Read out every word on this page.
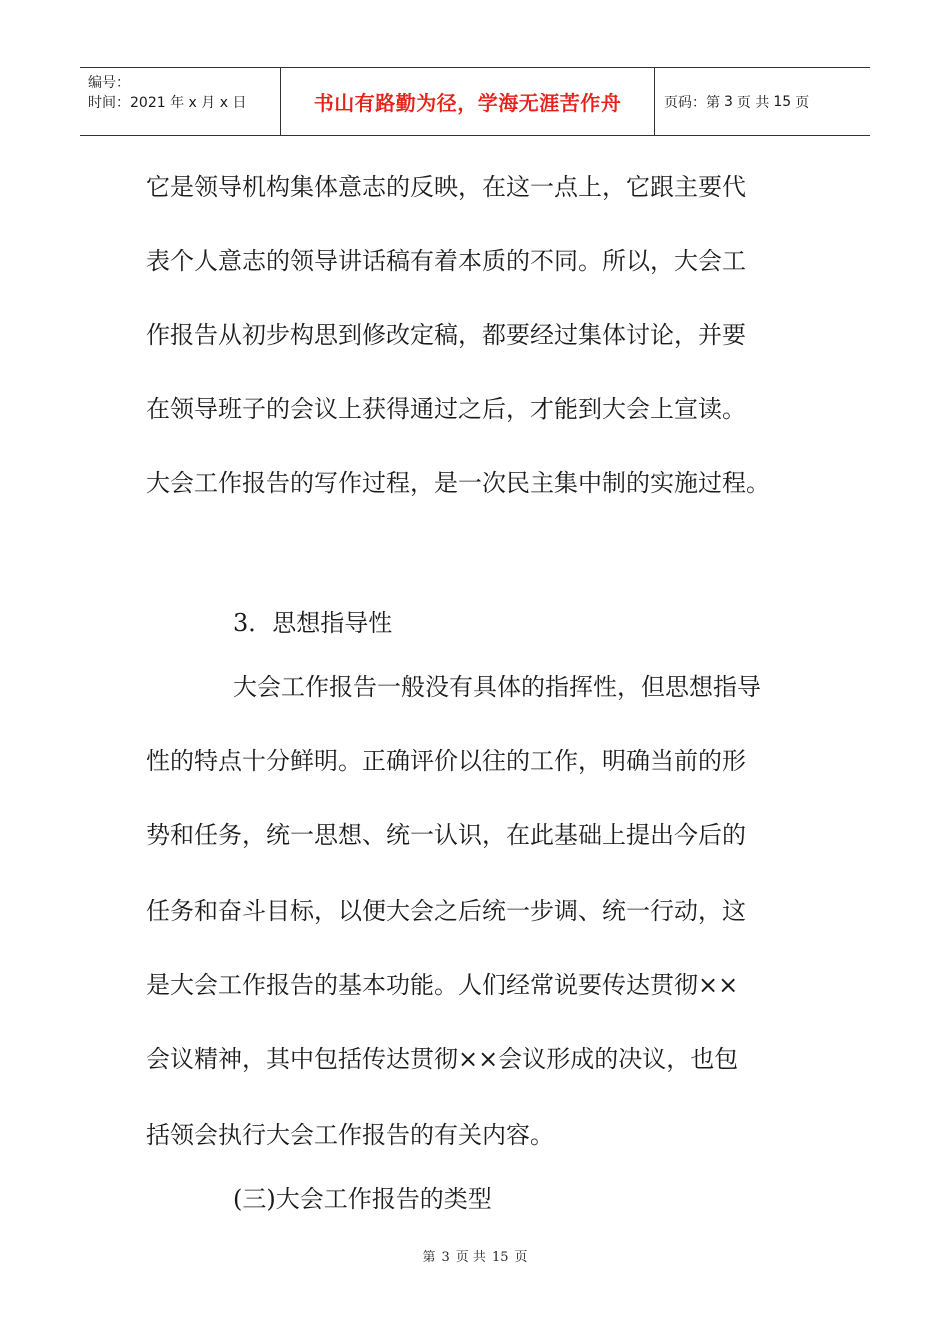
编号：
时间：2021 年 x 月 x 日	书山有路勤为径，学海无涯苦作舟	页码：第 3 页 共 15 页
它是领导机构集体意志的反映，在这一点上，它跟主要代
表个人意志的领导讲话稿有着本质的不同。所以，大会工
作报告从初步构思到修改定稿，都要经过集体讨论，并要
在领导班子的会议上获得通过之后，才能到大会上宣读。
大会工作报告的写作过程，是一次民主集中制的实施过程。
3．思想指导性
大会工作报告一般没有具体的指挥性，但思想指导
性的特点十分鲜明。正确评价以往的工作，明确当前的形
势和任务，统一思想、统一认识，在此基础上提出今后的
任务和奋斗目标，以便大会之后统一步调、统一行动，这
是大会工作报告的基本功能。人们经常说要传达贯彻××
会议精神，其中包括传达贯彻××会议形成的决议，也包
括领会执行大会工作报告的有关内容。
(三)大会工作报告的类型
第 3 页 共 15 页
